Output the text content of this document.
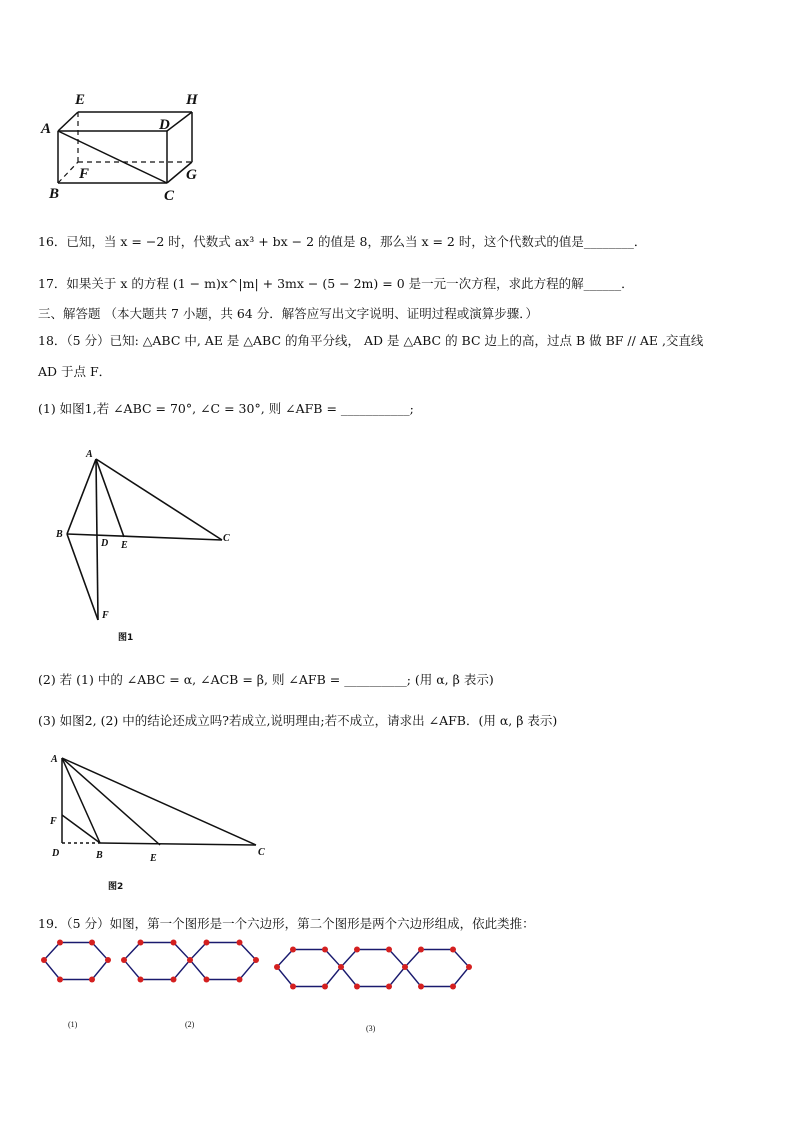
E	H
A	D
F
B	C
G
16．已知，当 x = −2 时，代数式 ax³ + bx − 2 的值是 8，那么当 x = 2 时，这个代数式的值是________．
17．如果关于 x 的方程 (1 − m)x^|m| + 3mx − (5 − 2m) = 0 是一元一次方程，求此方程的解______．
三、解答题 （本大题共 7 小题，共 64 分．解答应写出文字说明、证明过程或演算步骤．）
18．（5 分）已知: △ABC 中, AE 是 △ABC 的角平分线， AD 是 △ABC 的 BC 边上的高，过点 B 做 BF // AE ,交直线
AD 于点 F．
(1) 如图1,若 ∠ABC = 70°, ∠C = 30°, 则 ∠AFB = ___________;
A
B
D E
C
F
图1
(2) 若 (1) 中的 ∠ABC = α, ∠ACB = β, 则 ∠AFB = __________; (用 α, β 表示)
(3) 如图2, (2) 中的结论还成立吗?若成立,说明理由;若不成立，请求出 ∠AFB．(用 α, β 表示)
A
F
D	B	E
C
图2
19．（5 分）如图，第一个图形是一个六边形，第二个图形是两个六边形组成，依此类推：
(1)	(2)	(3)
